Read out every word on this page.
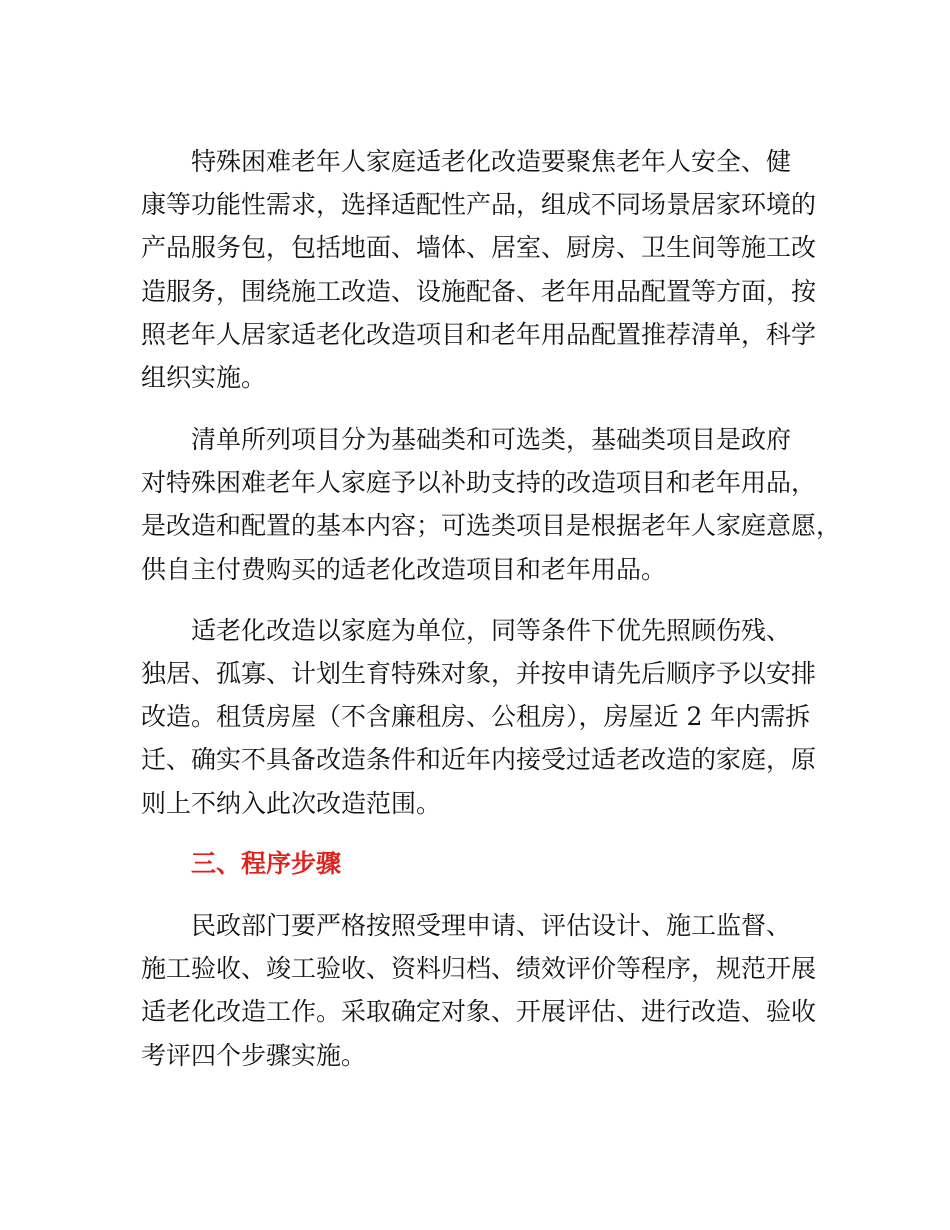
特殊困难老年人家庭适老化改造要聚焦老年人安全、健
康等功能性需求，选择适配性产品，组成不同场景居家环境的
产品服务包，包括地面、墙体、居室、厨房、卫生间等施工改
造服务，围绕施工改造、设施配备、老年用品配置等方面，按
照老年人居家适老化改造项目和老年用品配置推荐清单，科学
组织实施。
清单所列项目分为基础类和可选类，基础类项目是政府
对特殊困难老年人家庭予以补助支持的改造项目和老年用品，
是改造和配置的基本内容；可选类项目是根据老年人家庭意愿，
供自主付费购买的适老化改造项目和老年用品。
适老化改造以家庭为单位，同等条件下优先照顾伤残、
独居、孤寡、计划生育特殊对象，并按申请先后顺序予以安排
改造。租赁房屋（不含廉租房、公租房），房屋近 2 年内需拆
迁、确实不具备改造条件和近年内接受过适老改造的家庭，原
则上不纳入此次改造范围。
三、程序步骤
民政部门要严格按照受理申请、评估设计、施工监督、
施工验收、竣工验收、资料归档、绩效评价等程序，规范开展
适老化改造工作。采取确定对象、开展评估、进行改造、验收
考评四个步骤实施。
